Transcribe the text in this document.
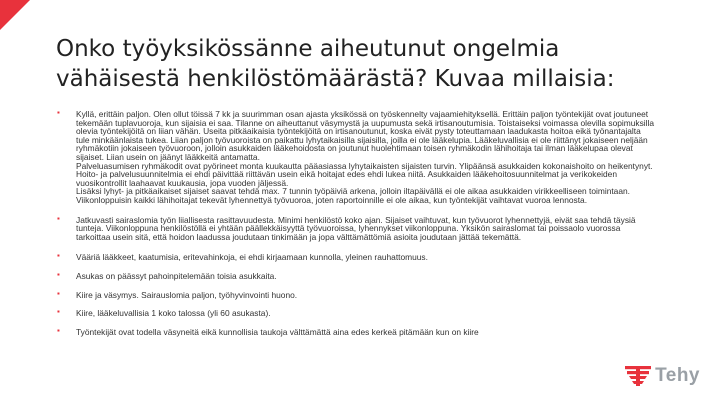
Onko työyksikössänne aiheutunut ongelmia
vähäisestä henkilöstömäärästä? Kuvaa millaisia:
▪ Kyllä, erittäin paljon. Olen ollut töissä 7 kk ja suurimman osan ajasta yksikössä on työskennelty vajaamiehityksellä. Erittäin paljon työntekijät ovat joutuneet tekemään tuplavuoroja, kun sijaisia ei saa. Tilanne on aiheuttanut väsymystä ja uupumusta sekä irtisanoutumisia. Toistaiseksi voimassa olevilla sopimuksilla olevia työntekijöitä on liian vähän. Useita pitkäaikaisia työntekijöitä on irtisanoutunut, koska eivät pysty toteuttamaan laadukasta hoitoa eikä työnantajalta tule minkäänlaista tukea. Liian paljon työvuoroista on paikattu lyhytaikaisilla sijaisilla, joilla ei ole lääkelupia. Lääkeluvallisia ei ole riittänyt jokaiseen neljään ryhmäkotiin jokaiseen työvuoroon, jolloin asukkaiden lääkehoidosta on joutunut huolehtimaan toisen ryhmäkodin lähihoitaja tai ilman lääkelupaa olevat sijaiset. Liian usein on jäänyt lääkkeitä antamatta.
Palveluasumisen ryhmäkodit ovat pyörineet monta kuukautta pääasiassa lyhytaikaisten sijaisten turvin. Ylipäänsä asukkaiden kokonaishoito on heikentynyt. Hoito- ja palvelusuunnitelmia ei ehdi päivittää riittävän usein eikä hoitajat edes ehdi lukea niitä. Asukkaiden lääkehoitosuunnitelmat ja verikokeiden vuosikontrollit laahaavat kuukausia, jopa vuoden jäljessä.
Lisäksi lyhyt- ja pitkäaikaiset sijaiset saavat tehdä max. 7 tunnin työpäiviä arkena, jolloin iltapäivällä ei ole aikaa asukkaiden virikkeelliseen toimintaan. Viikonloppuisin kaikki lähihoitajat tekevät lyhennettyä työvuoroa, joten raportoinnille ei ole aikaa, kun työntekijät vaihtavat vuoroa lennosta.
▪ Jatkuvasti sairaslomia työn liiallisesta rasittavuudesta. Minimi henkilöstö koko ajan. Sijaiset vaihtuvat, kun työvuorot lyhennettyjä, eivät saa tehdä täysiä tunteja. Viikonloppuna henkilöstöllä ei yhtään päällekkäisyyttä työvuoroissa, lyhennykset viikonloppuna. Yksikön sairaslomat tai poissaolo vuorossa tarkoittaa usein sitä, että hoidon laadussa joudutaan tinkimään ja jopa välttämättömiä asioita joudutaan jättää tekemättä.
▪ Vääriä lääkkeet, kaatumisia, eritevahinkoja, ei ehdi kirjaamaan kunnolla, yleinen rauhattomuus.
▪ Asukas on päässyt pahoinpitelemään toisia asukkaita.
▪ Kiire ja väsymys. Sairauslomia paljon, työhyvinvointi huono.
▪ Kiire, lääkeluvallisia 1 koko talossa (yli 60 asukasta).
▪ Työntekijät ovat todella väsyneitä eikä kunnollisia taukoja välttämättä aina edes kerkeä pitämään kun on kiire
Tehy
